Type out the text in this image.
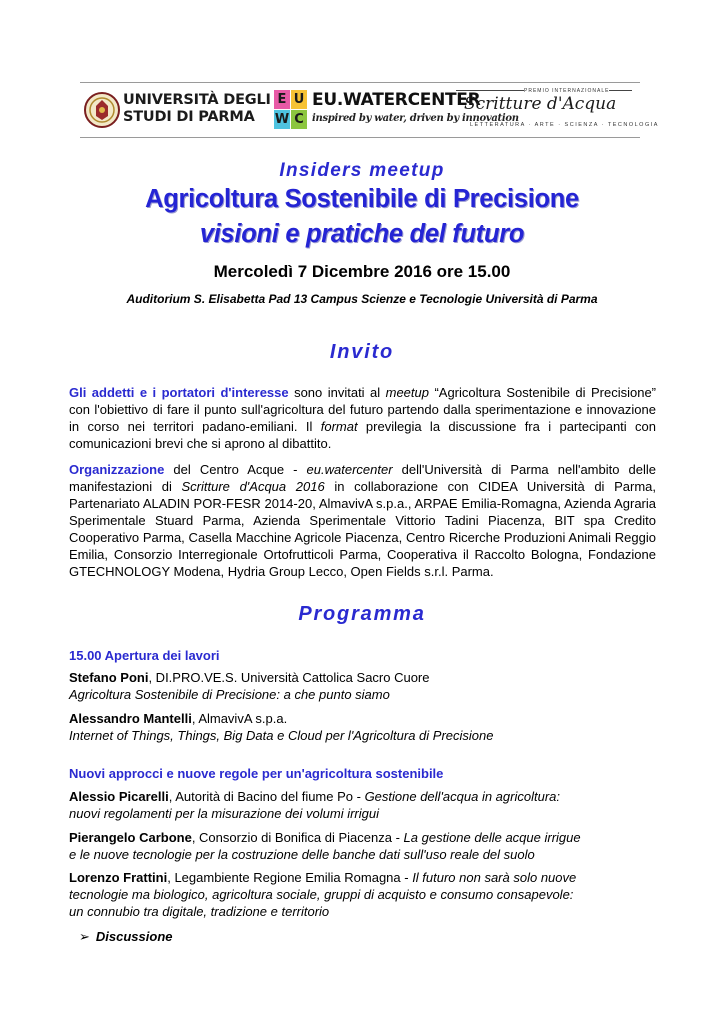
UNIVERSITÀ DEGLI
STUDI DI PARMA
E U
W C
EU.WATERCENTER
inspired by water, driven by innovation
PREMIO INTERNAZIONALE
Scritture d'Acqua
LETTERATURA · ARTE · SCIENZA · TECNOLOGIA
Insiders meetup
Agricoltura Sostenibile di Precisione
visioni e pratiche del futuro
Mercoledì 7 Dicembre 2016 ore 15.00
Auditorium S. Elisabetta Pad 13 Campus Scienze e Tecnologie Università di Parma
Invito
Gli addetti e i portatori d'interesse sono invitati al meetup “Agricoltura Sostenibile di Precisione” con l'obiettivo di fare il punto sull'agricoltura del futuro partendo dalla sperimentazione e innovazione in corso nei territori padano-emiliani. Il format previlegia la discussione fra i partecipanti con comunicazioni brevi che si aprono al dibattito.
Organizzazione del Centro Acque - eu.watercenter dell'Università di Parma nell'ambito delle manifestazioni di Scritture d'Acqua 2016 in collaborazione con CIDEA Università di Parma, Partenariato ALADIN POR-FESR 2014-20, AlmavivA s.p.a., ARPAE Emilia-Romagna, Azienda Agraria Sperimentale Stuard Parma, Azienda Sperimentale Vittorio Tadini Piacenza, BIT spa Credito Cooperativo Parma, Casella Macchine Agricole Piacenza, Centro Ricerche Produzioni Animali Reggio Emilia, Consorzio Interregionale Ortofrutticoli Parma, Cooperativa il Raccolto Bologna, Fondazione GTECHNOLOGY Modena, Hydria Group Lecco, Open Fields s.r.l. Parma.
Programma
15.00 Apertura dei lavori
Stefano Poni, DI.PRO.VE.S. Università Cattolica Sacro Cuore
Agricoltura Sostenibile di Precisione: a che punto siamo
Alessandro Mantelli, AlmavivA s.p.a.
Internet of Things, Things, Big Data e Cloud per l'Agricoltura di Precisione
Nuovi approcci e nuove regole per un'agricoltura sostenibile
Alessio Picarelli, Autorità di Bacino del fiume Po - Gestione dell'acqua in agricoltura:
nuovi regolamenti per la misurazione dei volumi irrigui
Pierangelo Carbone, Consorzio di Bonifica di Piacenza - La gestione delle acque irrigue
e le nuove tecnologie per la costruzione delle banche dati sull'uso reale del suolo
Lorenzo Frattini, Legambiente Regione Emilia Romagna - Il futuro non sarà solo nuove
tecnologie ma biologico, agricoltura sociale, gruppi di acquisto e consumo consapevole:
un connubio tra digitale, tradizione e territorio
➢ Discussione
